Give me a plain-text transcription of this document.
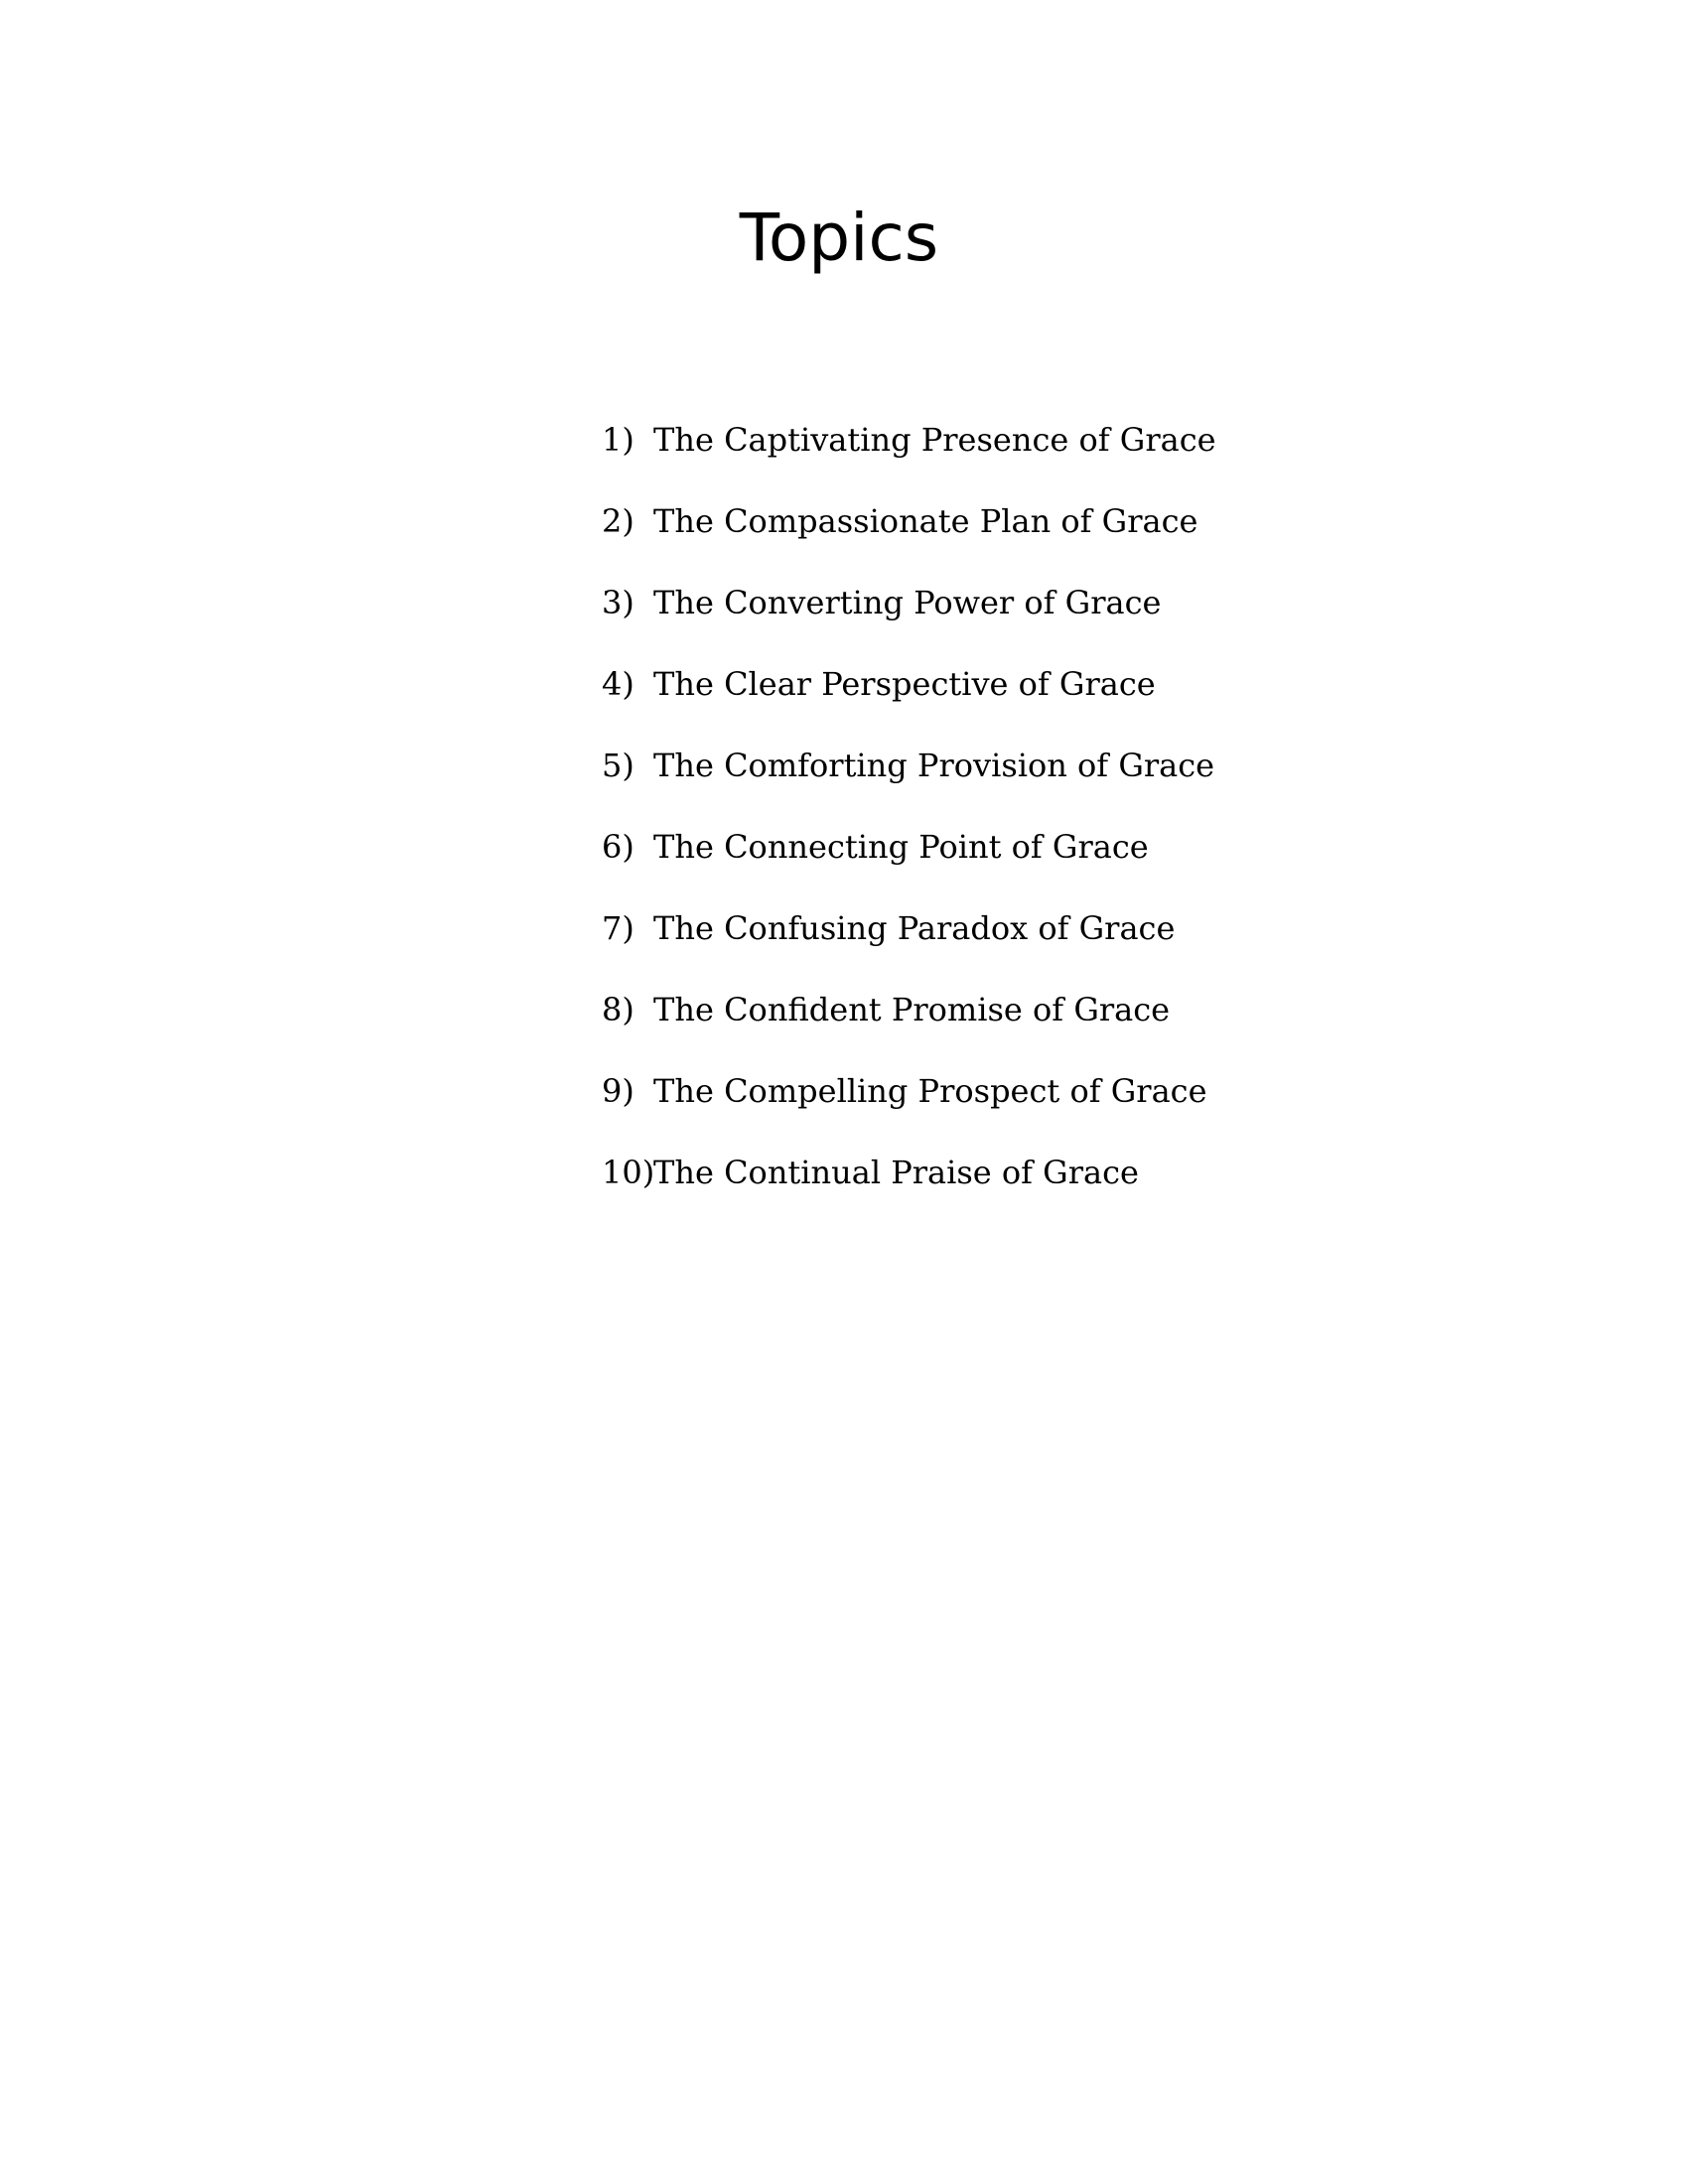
Topics
1) The Captivating Presence of Grace
2) The Compassionate Plan of Grace
3) The Converting Power of Grace
4) The Clear Perspective of Grace
5) The Comforting Provision of Grace
6) The Connecting Point of Grace
7) The Confusing Paradox of Grace
8) The Confident Promise of Grace
9) The Compelling Prospect of Grace
10)The Continual Praise of Grace
